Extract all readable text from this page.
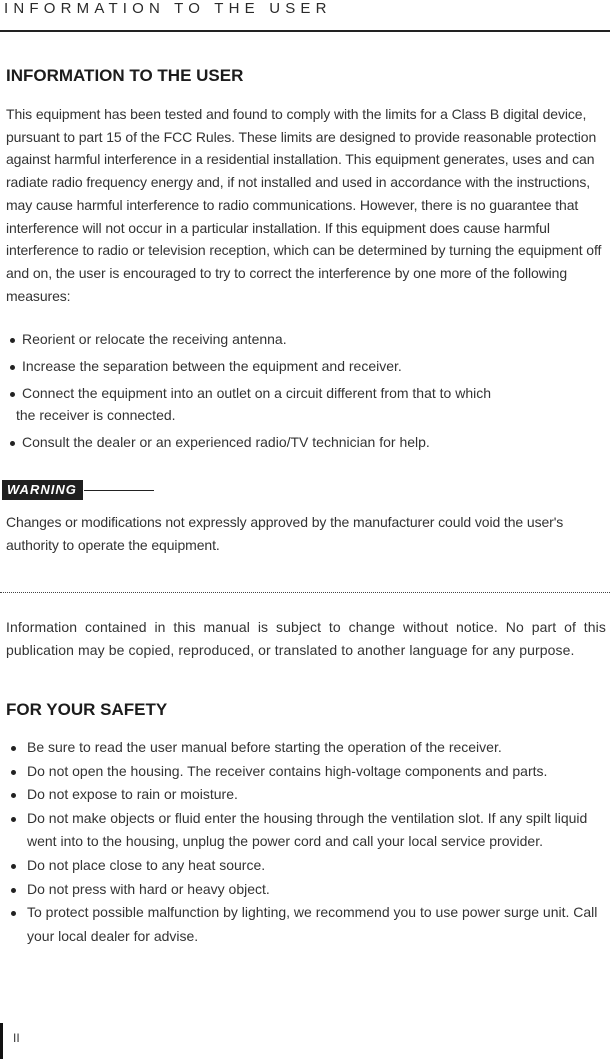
INFORMATION TO THE USER
INFORMATION TO THE USER
This equipment has been tested and found to comply with the limits for a Class B digital device, pursuant to part 15 of the FCC Rules. These limits are designed to provide reasonable protection against harmful interference in a residential installation. This equipment generates, uses and can radiate radio frequency energy and, if not installed and used in accordance with the instructions, may cause harmful interference to radio communications. However, there is no guarantee that interference will not occur in a particular installation. If this equipment does cause harmful interference to radio or television reception, which can be determined by turning the equipment off and on, the user is encouraged to try to correct the interference by one more of the following measures:
Reorient or relocate the receiving antenna.
Increase the separation between the equipment and receiver.
Connect the equipment into an outlet on a circuit different from that to which
the receiver is connected.
Consult the dealer or an experienced radio/TV technician for help.
WARNING
Changes or modifications not expressly approved by the manufacturer could void the user's authority to operate the equipment.
Information contained in this manual is subject to change without notice. No part of this publication may be copied, reproduced, or translated to another language for any purpose.
FOR YOUR SAFETY
Be sure to read the user manual before starting the operation of the receiver.
Do not open the housing. The receiver contains high-voltage components and parts.
Do not expose to rain or moisture.
Do not make objects or fluid enter the housing through the ventilation slot. If any spilt liquid went into to the housing, unplug the power cord and call your local service provider.
Do not place close to any heat source.
Do not press with hard or heavy object.
To protect possible malfunction by lighting, we recommend you to use power surge unit. Call your local dealer for advise.
II
